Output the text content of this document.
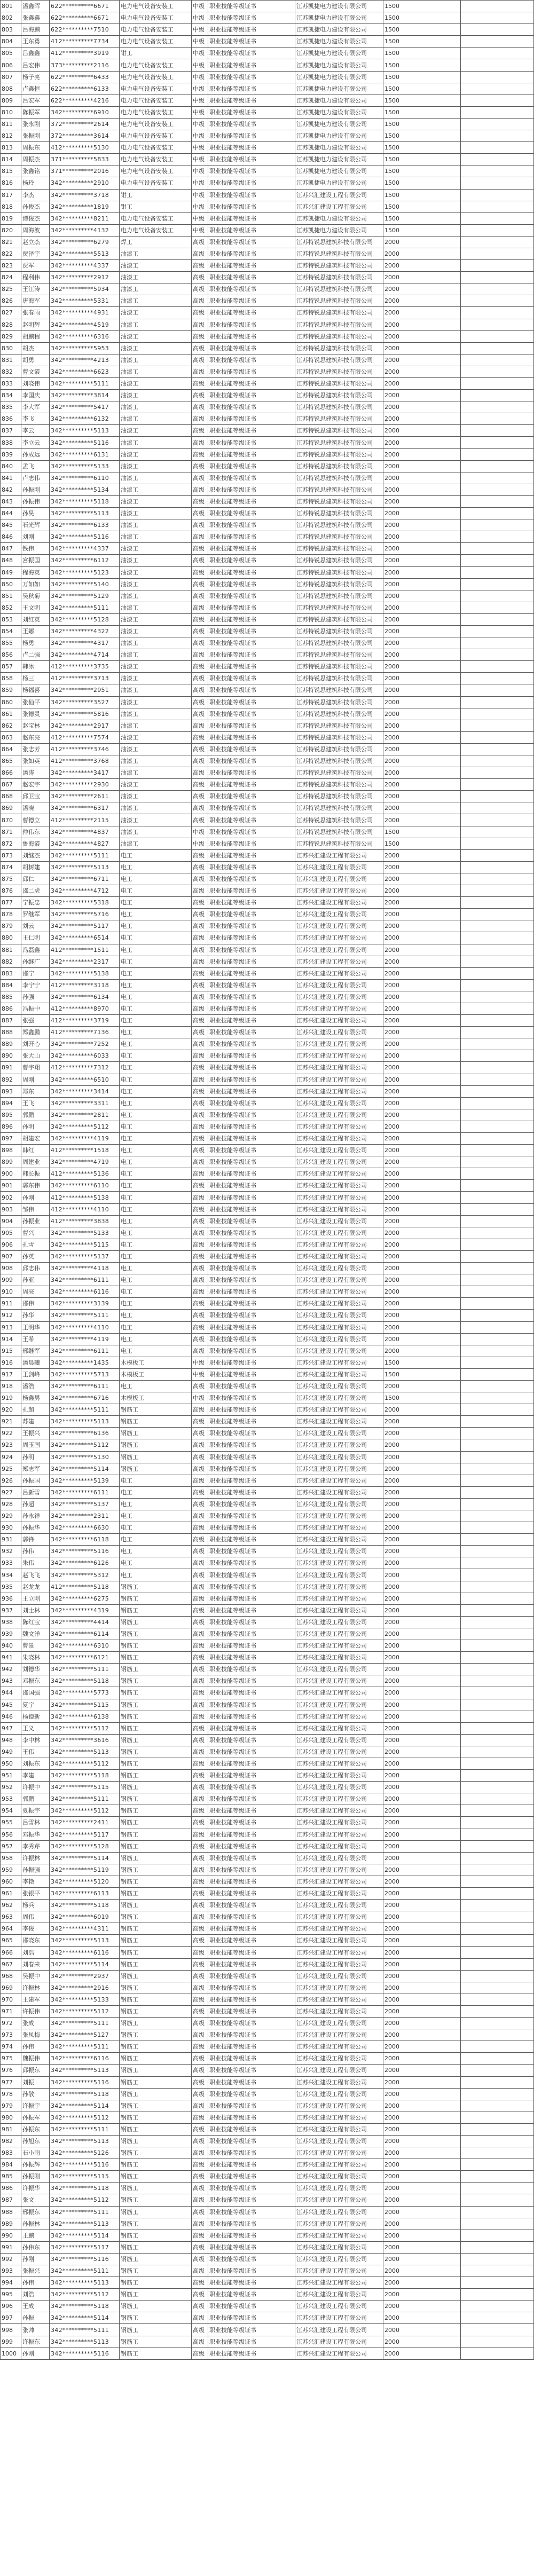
801	潘鑫晖	622**********6671	电力电气设备安装工	中级	职业技能等级证书	江苏凯捷电力建设有限公司	1500	
802	张鑫鑫	622**********6671	电力电气设备安装工	中级	职业技能等级证书	江苏凯捷电力建设有限公司	1500	
803	吕海鹏	622**********7510	电力电气设备安装工	中级	职业技能等级证书	江苏凯捷电力建设有限公司	1500	
804	王东勇	412**********7734	电力电气设备安装工	中级	职业技能等级证书	江苏凯捷电力建设有限公司	1500	
805	吕鑫鑫	412**********3919	钳工	中级	职业技能等级证书	江苏凯捷电力建设有限公司	1500	
806	吕宏伟	373**********2116	电力电气设备安装工	中级	职业技能等级证书	江苏凯捷电力建设有限公司	1500	
807	杨子亮	622**********6433	电力电气设备安装工	中级	职业技能等级证书	江苏凯捷电力建设有限公司	1500	
808	卢鑫恒	622**********6133	电力电气设备安装工	中级	职业技能等级证书	江苏凯捷电力建设有限公司	1500	
809	吕宏军	622**********4216	电力电气设备安装工	中级	职业技能等级证书	江苏凯捷电力建设有限公司	1500	
810	陈振军	342**********6910	电力电气设备安装工	中级	职业技能等级证书	江苏凯捷电力建设有限公司	1500	
811	张永刚	372**********2614	电力电气设备安装工	中级	职业技能等级证书	江苏凯捷电力建设有限公司	1500	
812	张振刚	372**********3614	电力电气设备安装工	中级	职业技能等级证书	江苏凯捷电力建设有限公司	1500	
813	周振东	412**********5130	电力电气设备安装工	中级	职业技能等级证书	江苏凯捷电力建设有限公司	1500	
814	周振杰	371**********5833	电力电气设备安装工	中级	职业技能等级证书	江苏凯捷电力建设有限公司	1500	
815	张鑫铭	371**********2016	电力电气设备安装工	中级	职业技能等级证书	江苏凯捷电力建设有限公司	1500	
816	杨玲	342**********2910	电力电气设备安装工	中级	职业技能等级证书	江苏凯捷电力建设有限公司	1500	
817	李杰	342**********3718	钳工	中级	职业技能等级证书	江苏兴汇建设工程有限公司	1500	
818	孙俊杰	342**********1819	钳工	中级	职业技能等级证书	江苏兴汇建设工程有限公司	1500	
819	谭俊杰	342**********8211	电力电气设备安装工	中级	职业技能等级证书	江苏凯捷电力建设有限公司	1500	
820	周海波	342**********4132	电力电气设备安装工	中级	职业技能等级证书	江苏凯捷电力建设有限公司	1500	
821	赵立杰	342**********6279	焊工	高级	职业技能等级证书	江苏特锐思建筑科技有限公司	2000	
822	贾泽宇	342**********5513	油漆工	高级	职业技能等级证书	江苏特锐思建筑科技有限公司	2000	
823	贾军	342**********4337	油漆工	高级	职业技能等级证书	江苏特锐思建筑科技有限公司	2000	
824	程利伟	342**********2912	油漆工	高级	职业技能等级证书	江苏特锐思建筑科技有限公司	2000	
825	王江涛	342**********5934	油漆工	高级	职业技能等级证书	江苏特锐思建筑科技有限公司	2000	
826	唐海军	342**********5331	油漆工	高级	职业技能等级证书	江苏特锐思建筑科技有限公司	2000	
827	张春雨	342**********4931	油漆工	高级	职业技能等级证书	江苏特锐思建筑科技有限公司	2000	
828	赵明辉	342**********4519	油漆工	高级	职业技能等级证书	江苏特锐思建筑科技有限公司	2000	
829	胡鹏程	342**********6316	油漆工	高级	职业技能等级证书	江苏特锐思建筑科技有限公司	2000	
830	胡杰	342**********5953	油漆工	高级	职业技能等级证书	江苏特锐思建筑科技有限公司	2000	
831	胡勇	342**********4213	油漆工	高级	职业技能等级证书	江苏特锐思建筑科技有限公司	2000	
832	曹文霞	342**********6623	油漆工	高级	职业技能等级证书	江苏特锐思建筑科技有限公司	2000	
833	刘晓伟	342**********5111	油漆工	高级	职业技能等级证书	江苏特锐思建筑科技有限公司	2000	
834	李国庆	342**********3814	油漆工	高级	职业技能等级证书	江苏特锐思建筑科技有限公司	2000	
835	李大军	342**********5417	油漆工	高级	职业技能等级证书	江苏特锐思建筑科技有限公司	2000	
836	李飞	342**********6132	油漆工	高级	职业技能等级证书	江苏特锐思建筑科技有限公司	2000	
837	李云	342**********5113	油漆工	高级	职业技能等级证书	江苏特锐思建筑科技有限公司	2000	
838	李立云	342**********5116	油漆工	高级	职业技能等级证书	江苏特锐思建筑科技有限公司	2000	
839	孙成远	342**********6131	油漆工	高级	职业技能等级证书	江苏特锐思建筑科技有限公司	2000	
840	孟飞	342**********5133	油漆工	高级	职业技能等级证书	江苏特锐思建筑科技有限公司	2000	
841	卢志伟	342**********6110	油漆工	高级	职业技能等级证书	江苏特锐思建筑科技有限公司	2000	
842	孙振刚	342**********5134	油漆工	高级	职业技能等级证书	江苏特锐思建筑科技有限公司	2000	
843	孙振伟	342**********5118	油漆工	高级	职业技能等级证书	江苏特锐思建筑科技有限公司	2000	
844	孙昊	342**********5113	油漆工	高级	职业技能等级证书	江苏特锐思建筑科技有限公司	2000	
845	石光辉	342**********6133	油漆工	高级	职业技能等级证书	江苏特锐思建筑科技有限公司	2000	
846	刘刚	342**********5116	油漆工	高级	职业技能等级证书	江苏特锐思建筑科技有限公司	2000	
847	钱伟	342**********4337	油漆工	高级	职业技能等级证书	江苏特锐思建筑科技有限公司	2000	
848	宫振国	342**********6112	油漆工	高级	职业技能等级证书	江苏特锐思建筑科技有限公司	2000	
849	程海英	342**********5123	油漆工	高级	职业技能等级证书	江苏特锐思建筑科技有限公司	2000	
850	万如如	342**********5140	油漆工	高级	职业技能等级证书	江苏特锐思建筑科技有限公司	2000	
851	吴秋菊	342**********5129	油漆工	高级	职业技能等级证书	江苏特锐思建筑科技有限公司	2000	
852	王文明	342**********5111	油漆工	高级	职业技能等级证书	江苏特锐思建筑科技有限公司	2000	
853	刘红英	342**********5128	油漆工	高级	职业技能等级证书	江苏特锐思建筑科技有限公司	2000	
854	王娜	342**********4322	油漆工	高级	职业技能等级证书	江苏特锐思建筑科技有限公司	2000	
855	杨勇	342**********4317	油漆工	高级	职业技能等级证书	江苏特锐思建筑科技有限公司	2000	
856	卢二强	342**********4714	油漆工	高级	职业技能等级证书	江苏特锐思建筑科技有限公司	2000	
857	韩冰	412**********3735	油漆工	高级	职业技能等级证书	江苏特锐思建筑科技有限公司	2000	
858	杨三	412**********3713	油漆工	高级	职业技能等级证书	江苏特锐思建筑科技有限公司	2000	
859	杨福喜	342**********2951	油漆工	高级	职业技能等级证书	江苏特锐思建筑科技有限公司	2000	
860	张仙平	342**********3527	油漆工	高级	职业技能等级证书	江苏特锐思建筑科技有限公司	2000	
861	张德灵	342**********5816	油漆工	高级	职业技能等级证书	江苏特锐思建筑科技有限公司	2000	
862	赵宝林	342**********2917	油漆工	高级	职业技能等级证书	江苏特锐思建筑科技有限公司	2000	
863	赵东亮	412**********7574	油漆工	高级	职业技能等级证书	江苏特锐思建筑科技有限公司	2000	
864	张志芳	412**********3746	油漆工	高级	职业技能等级证书	江苏特锐思建筑科技有限公司	2000	
865	张如英	412**********3768	油漆工	高级	职业技能等级证书	江苏特锐思建筑科技有限公司	2000	
866	潘涛	342**********3417	油漆工	高级	职业技能等级证书	江苏特锐思建筑科技有限公司	2000	
867	赵宏宇	342**********2930	油漆工	高级	职业技能等级证书	江苏特锐思建筑科技有限公司	2000	
868	邱卫宝	342**********2611	油漆工	高级	职业技能等级证书	江苏特锐思建筑科技有限公司	2000	
869	潘晓	342**********6317	油漆工	高级	职业技能等级证书	江苏特锐思建筑科技有限公司	2000	
870	曹德立	412**********2115	油漆工	高级	职业技能等级证书	江苏特锐思建筑科技有限公司	2000	
871	仲伟东	342**********4837	油漆工	中级	职业技能等级证书	江苏特锐思建筑科技有限公司	1500	
872	鲁海霞	342**********4827	油漆工	中级	职业技能等级证书	江苏特锐思建筑科技有限公司	1500	
873	刘继杰	342**********5111	电工	高级	职业技能等级证书	江苏兴汇建设工程有限公司	2000	
874	胡树建	342**********5113	电工	高级	职业技能等级证书	江苏兴汇建设工程有限公司	2000	
875	邱仁	342**********6711	电工	高级	职业技能等级证书	江苏兴汇建设工程有限公司	2000	
876	邵二虎	342**********4712	电工	高级	职业技能等级证书	江苏兴汇建设工程有限公司	2000	
877	宁振忠	342**********5318	电工	高级	职业技能等级证书	江苏兴汇建设工程有限公司	2000	
878	罗继军	342**********5716	电工	高级	职业技能等级证书	江苏兴汇建设工程有限公司	2000	
879	刘云	342**********5117	电工	高级	职业技能等级证书	江苏兴汇建设工程有限公司	2000	
880	王仁明	342**********6514	电工	高级	职业技能等级证书	江苏兴汇建设工程有限公司	2000	
881	冯磊鑫	412**********1511	电工	高级	职业技能等级证书	江苏兴汇建设工程有限公司	2000	
882	孙继广	342**********2317	电工	高级	职业技能等级证书	江苏兴汇建设工程有限公司	2000	
883	邵宁	342**********5138	电工	高级	职业技能等级证书	江苏兴汇建设工程有限公司	2000	
884	李宁宁	412**********3118	电工	高级	职业技能等级证书	江苏兴汇建设工程有限公司	2000	
885	孙强	342**********6134	电工	高级	职业技能等级证书	江苏兴汇建设工程有限公司	2000	
886	冯振中	412**********8970	电工	高级	职业技能等级证书	江苏兴汇建设工程有限公司	2000	
887	张强	412**********3719	电工	高级	职业技能等级证书	江苏兴汇建设工程有限公司	2000	
888	郑鑫鹏	412**********7136	电工	高级	职业技能等级证书	江苏兴汇建设工程有限公司	2000	
889	刘开心	342**********7252	电工	高级	职业技能等级证书	江苏兴汇建设工程有限公司	2000	
890	张大山	342**********6033	电工	高级	职业技能等级证书	江苏兴汇建设工程有限公司	2000	
891	曹宇翔	412**********7312	电工	高级	职业技能等级证书	江苏兴汇建设工程有限公司	2000	
892	周刚	342**********6510	电工	高级	职业技能等级证书	江苏兴汇建设工程有限公司	2000	
893	郑东	342**********3414	电工	高级	职业技能等级证书	江苏兴汇建设工程有限公司	2000	
894	王飞	342**********3311	电工	高级	职业技能等级证书	江苏兴汇建设工程有限公司	2000	
895	郭鹏	342**********2811	电工	高级	职业技能等级证书	江苏兴汇建设工程有限公司	2000	
896	孙明	342**********5112	电工	高级	职业技能等级证书	江苏兴汇建设工程有限公司	2000	
897	胡建宏	342**********4119	电工	高级	职业技能等级证书	江苏兴汇建设工程有限公司	2000	
898	韩红	412**********1518	电工	高级	职业技能等级证书	江苏兴汇建设工程有限公司	2000	
899	周建业	342**********4719	电工	高级	职业技能等级证书	江苏兴汇建设工程有限公司	2000	
900	韩长振	412**********5136	电工	高级	职业技能等级证书	江苏兴汇建设工程有限公司	2000	
901	郭东伟	342**********6110	电工	高级	职业技能等级证书	江苏兴汇建设工程有限公司	2000	
902	孙刚	412**********5138	电工	高级	职业技能等级证书	江苏兴汇建设工程有限公司	2000	
903	邹伟	412**********4110	电工	高级	职业技能等级证书	江苏兴汇建设工程有限公司	2000	
904	孙振业	412**********3838	电工	高级	职业技能等级证书	江苏兴汇建设工程有限公司	2000	
905	曹兴	342**********5133	电工	高级	职业技能等级证书	江苏兴汇建设工程有限公司	2000	
906	孔雪	342**********5115	电工	高级	职业技能等级证书	江苏兴汇建设工程有限公司	2000	
907	孙英	342**********5137	电工	高级	职业技能等级证书	江苏兴汇建设工程有限公司	2000	
908	邱志伟	342**********4118	电工	高级	职业技能等级证书	江苏兴汇建设工程有限公司	2000	
909	孙亚	342**********6111	电工	高级	职业技能等级证书	江苏兴汇建设工程有限公司	2000	
910	周亮	342**********6116	电工	高级	职业技能等级证书	江苏兴汇建设工程有限公司	2000	
911	邵伟	342**********3139	电工	高级	职业技能等级证书	江苏兴汇建设工程有限公司	2000	
912	孙华	342**********5111	电工	高级	职业技能等级证书	江苏兴汇建设工程有限公司	2000	
913	王明华	342**********4110	电工	高级	职业技能等级证书	江苏兴汇建设工程有限公司	2000	
914	王希	342**********4119	电工	高级	职业技能等级证书	江苏兴汇建设工程有限公司	2000	
915	邢继军	342**********6111	电工	高级	职业技能等级证书	江苏兴汇建设工程有限公司	2000	
916	潘晨曦	342**********1435	木模板工	中级	职业技能等级证书	江苏兴汇建设工程有限公司	1500	
917	王剑峰	342**********5713	木模板工	中级	职业技能等级证书	江苏兴汇建设工程有限公司	1500	
918	潘浩	342**********6111	电工	高级	职业技能等级证书	江苏兴汇建设工程有限公司	2000	
919	杨鑫男	342**********6716	木模板工	中级	职业技能等级证书	江苏兴汇建设工程有限公司	1500	
920	孔超	342**********5111	钢筋工	高级	职业技能等级证书	江苏兴汇建设工程有限公司	2000	
921	苏建	342**********5113	钢筋工	高级	职业技能等级证书	江苏兴汇建设工程有限公司	2000	
922	王振兴	342**********6136	钢筋工	高级	职业技能等级证书	江苏兴汇建设工程有限公司	2000	
923	周玉国	342**********5112	钢筋工	高级	职业技能等级证书	江苏兴汇建设工程有限公司	2000	
924	孙明	342**********5130	钢筋工	高级	职业技能等级证书	江苏兴汇建设工程有限公司	2000	
925	郑志军	342**********5114	钢筋工	高级	职业技能等级证书	江苏兴汇建设工程有限公司	2000	
926	孙振国	342**********5139	电工	高级	职业技能等级证书	江苏兴汇建设工程有限公司	2000	
927	吕新雪	342**********6111	电工	高级	职业技能等级证书	江苏兴汇建设工程有限公司	2000	
928	孙超	342**********5137	电工	高级	职业技能等级证书	江苏兴汇建设工程有限公司	2000	
929	孙永祥	342**********2311	电工	高级	职业技能等级证书	江苏兴汇建设工程有限公司	2000	
930	孙振华	342**********6630	电工	高级	职业技能等级证书	江苏兴汇建设工程有限公司	2000	
931	郭锋	342**********6118	电工	高级	职业技能等级证书	江苏兴汇建设工程有限公司	2000	
932	孙伟	342**********5116	电工	高级	职业技能等级证书	江苏兴汇建设工程有限公司	2000	
933	朱伟	342**********6126	电工	高级	职业技能等级证书	江苏兴汇建设工程有限公司	2000	
934	赵飞飞	342**********5312	电工	高级	职业技能等级证书	江苏兴汇建设工程有限公司	2000	
935	赵龙龙	412**********5118	钢筋工	高级	职业技能等级证书	江苏兴汇建设工程有限公司	2000	
936	王立刚	342**********6275	钢筋工	高级	职业技能等级证书	江苏兴汇建设工程有限公司	2000	
937	刘士林	342**********4319	钢筋工	高级	职业技能等级证书	江苏兴汇建设工程有限公司	2000	
938	陈红宝	342**********4414	钢筋工	高级	职业技能等级证书	江苏兴汇建设工程有限公司	2000	
939	魏文洋	342**********6114	钢筋工	高级	职业技能等级证书	江苏兴汇建设工程有限公司	2000	
940	曹景	342**********6310	钢筋工	高级	职业技能等级证书	江苏兴汇建设工程有限公司	2000	
941	朱晓林	342**********6121	钢筋工	高级	职业技能等级证书	江苏兴汇建设工程有限公司	2000	
942	刘德华	342**********5111	钢筋工	高级	职业技能等级证书	江苏兴汇建设工程有限公司	2000	
943	邓振东	342**********5118	钢筋工	高级	职业技能等级证书	江苏兴汇建设工程有限公司	2000	
944	邵国强	342**********5773	钢筋工	高级	职业技能等级证书	江苏兴汇建设工程有限公司	2000	
945	夏宇	342**********5115	钢筋工	高级	职业技能等级证书	江苏兴汇建设工程有限公司	2000	
946	杨德新	342**********6138	钢筋工	高级	职业技能等级证书	江苏兴汇建设工程有限公司	2000	
947	王义	342**********5112	钢筋工	高级	职业技能等级证书	江苏兴汇建设工程有限公司	2000	
948	李中林	342**********3616	钢筋工	高级	职业技能等级证书	江苏兴汇建设工程有限公司	2000	
949	王伟	342**********5113	钢筋工	高级	职业技能等级证书	江苏兴汇建设工程有限公司	2000	
950	刘振东	342**********5112	钢筋工	高级	职业技能等级证书	江苏兴汇建设工程有限公司	2000	
951	李建	342**********5118	钢筋工	高级	职业技能等级证书	江苏兴汇建设工程有限公司	2000	
952	许振中	342**********5115	钢筋工	高级	职业技能等级证书	江苏兴汇建设工程有限公司	2000	
953	郭鹏	342**********5111	钢筋工	高级	职业技能等级证书	江苏兴汇建设工程有限公司	2000	
954	夏振宇	342**********5112	钢筋工	高级	职业技能等级证书	江苏兴汇建设工程有限公司	2000	
955	吕雪林	342**********2411	钢筋工	高级	职业技能等级证书	江苏兴汇建设工程有限公司	2000	
956	邓振华	342**********5117	钢筋工	高级	职业技能等级证书	江苏兴汇建设工程有限公司	2000	
957	李秀芹	342**********5128	钢筋工	高级	职业技能等级证书	江苏兴汇建设工程有限公司	2000	
958	许振林	342**********5114	钢筋工	高级	职业技能等级证书	江苏兴汇建设工程有限公司	2000	
959	孙振强	342**********5119	钢筋工	高级	职业技能等级证书	江苏兴汇建设工程有限公司	2000	
960	李艳	342**********5120	钢筋工	高级	职业技能等级证书	江苏兴汇建设工程有限公司	2000	
961	张银平	342**********6113	钢筋工	高级	职业技能等级证书	江苏兴汇建设工程有限公司	2000	
962	杨兵	342**********5118	钢筋工	高级	职业技能等级证书	江苏兴汇建设工程有限公司	2000	
963	周伟	342**********6019	钢筋工	高级	职业技能等级证书	江苏兴汇建设工程有限公司	2000	
964	李俊	342**********4311	钢筋工	高级	职业技能等级证书	江苏兴汇建设工程有限公司	2000	
965	邵晓东	342**********5113	钢筋工	高级	职业技能等级证书	江苏兴汇建设工程有限公司	2000	
966	刘浩	342**********6116	钢筋工	高级	职业技能等级证书	江苏兴汇建设工程有限公司	2000	
967	刘春来	342**********5114	钢筋工	高级	职业技能等级证书	江苏兴汇建设工程有限公司	2000	
968	吴振中	342**********2937	钢筋工	高级	职业技能等级证书	江苏兴汇建设工程有限公司	2000	
969	许振林	342**********2916	钢筋工	高级	职业技能等级证书	江苏兴汇建设工程有限公司	2000	
970	王建军	342**********5133	钢筋工	高级	职业技能等级证书	江苏兴汇建设工程有限公司	2000	
971	许振伟	342**********5112	钢筋工	高级	职业技能等级证书	江苏兴汇建设工程有限公司	2000	
972	张成	342**********5111	钢筋工	高级	职业技能等级证书	江苏兴汇建设工程有限公司	2000	
973	张凤梅	342**********5127	钢筋工	高级	职业技能等级证书	江苏兴汇建设工程有限公司	2000	
974	孙伟	342**********5111	钢筋工	高级	职业技能等级证书	江苏兴汇建设工程有限公司	2000	
975	魏振伟	342**********6116	钢筋工	高级	职业技能等级证书	江苏兴汇建设工程有限公司	2000	
976	邱振东	342**********5113	钢筋工	高级	职业技能等级证书	江苏兴汇建设工程有限公司	2000	
977	刘振	342**********5116	钢筋工	高级	职业技能等级证书	江苏兴汇建设工程有限公司	2000	
978	孙敬	342**********5118	钢筋工	高级	职业技能等级证书	江苏兴汇建设工程有限公司	2000	
979	许振宇	342**********5114	钢筋工	高级	职业技能等级证书	江苏兴汇建设工程有限公司	2000	
980	孙振军	342**********5112	钢筋工	高级	职业技能等级证书	江苏兴汇建设工程有限公司	2000	
981	孙振东	342**********5111	钢筋工	高级	职业技能等级证书	江苏兴汇建设工程有限公司	2000	
982	孙旭东	342**********5113	钢筋工	高级	职业技能等级证书	江苏兴汇建设工程有限公司	2000	
983	石小雨	342**********5126	钢筋工	高级	职业技能等级证书	江苏兴汇建设工程有限公司	2000	
984	孙振辉	342**********5116	钢筋工	高级	职业技能等级证书	江苏兴汇建设工程有限公司	2000	
985	孙振刚	342**********5115	钢筋工	高级	职业技能等级证书	江苏兴汇建设工程有限公司	2000	
986	许振华	342**********5118	钢筋工	高级	职业技能等级证书	江苏兴汇建设工程有限公司	2000	
987	张文	342**********5112	钢筋工	高级	职业技能等级证书	江苏兴汇建设工程有限公司	2000	
988	邢振东	342**********5111	钢筋工	高级	职业技能等级证书	江苏兴汇建设工程有限公司	2000	
989	孙振林	342**********5113	钢筋工	高级	职业技能等级证书	江苏兴汇建设工程有限公司	2000	
990	王鹏	342**********5114	钢筋工	高级	职业技能等级证书	江苏兴汇建设工程有限公司	2000	
991	孙伟东	342**********5117	钢筋工	高级	职业技能等级证书	江苏兴汇建设工程有限公司	2000	
992	孙刚	342**********5116	钢筋工	高级	职业技能等级证书	江苏兴汇建设工程有限公司	2000	
993	张振兴	342**********5111	钢筋工	高级	职业技能等级证书	江苏兴汇建设工程有限公司	2000	
994	孙伟	342**********5113	钢筋工	高级	职业技能等级证书	江苏兴汇建设工程有限公司	2000	
995	刘浩	342**********5112	钢筋工	高级	职业技能等级证书	江苏兴汇建设工程有限公司	2000	
996	王成	342**********5118	钢筋工	高级	职业技能等级证书	江苏兴汇建设工程有限公司	2000	
997	孙振	342**********5114	钢筋工	高级	职业技能等级证书	江苏兴汇建设工程有限公司	2000	
998	张帅	342**********5111	钢筋工	高级	职业技能等级证书	江苏兴汇建设工程有限公司	2000	
999	许振东	342**********5113	钢筋工	高级	职业技能等级证书	江苏兴汇建设工程有限公司	2000	
1000	孙刚	342**********5116	钢筋工	高级	职业技能等级证书	江苏兴汇建设工程有限公司	2000	
